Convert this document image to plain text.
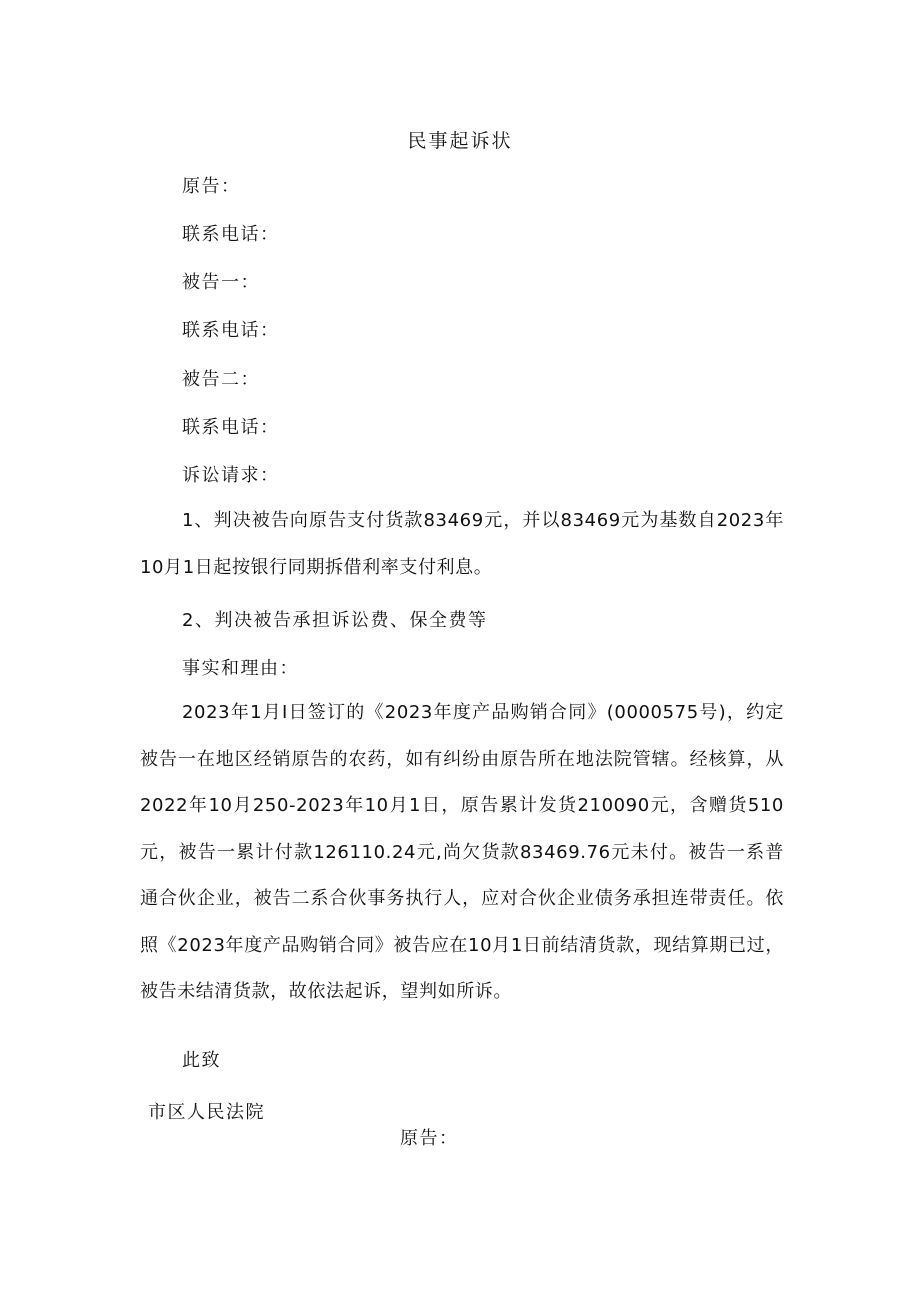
民事起诉状
原告：
联系电话：
被告一：
联系电话：
被告二：
联系电话：
诉讼请求：
1、判决被告向原告支付货款83469元，并以83469元为基数自2023年10月1日起按银行同期拆借利率支付利息。
2、判决被告承担诉讼费、保全费等
事实和理由：
2023年1月I日签订的《2023年度产品购销合同》(0000575号)，约定被告一在地区经销原告的农药，如有纠纷由原告所在地法院管辖。经核算，从2022年10月250-2023年10月1日，原告累计发货210090元，含赠货510元，被告一累计付款126110.24元,尚欠货款83469.76元未付。被告一系普通合伙企业，被告二系合伙事务执行人，应对合伙企业债务承担连带责任。依照《2023年度产品购销合同》被告应在10月1日前结清货款，现结算期已过，被告未结清货款，故依法起诉，望判如所诉。
此致
市区人民法院
原告：
